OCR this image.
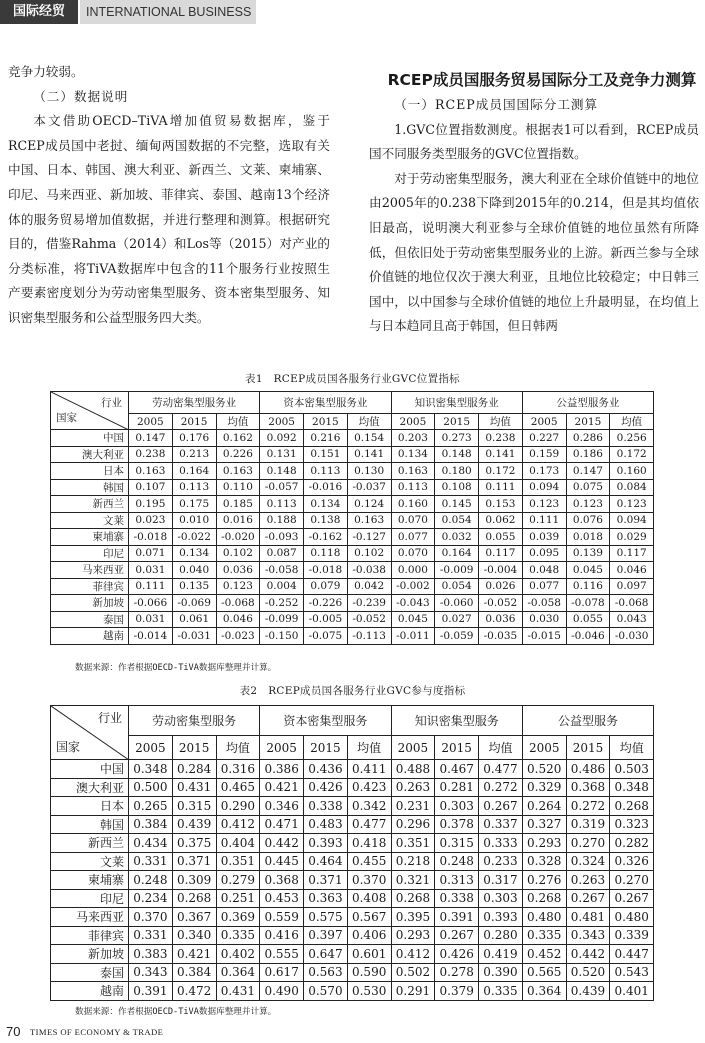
国际经贸	INTERNATIONAL BUSINESS

竞争力较弱。

（二）数据说明

本文借助OECD–TiVA增加值贸易数据库，鉴于RCEP成员国中老挝、缅甸两国数据的不完整，选取有关中国、日本、韩国、澳大利亚、新西兰、文莱、柬埔寨、印尼、马来西亚、新加坡、菲律宾、泰国、越南13个经济体的服务贸易增加值数据，并进行整理和测算。根据研究目的，借鉴Rahma（2014）和Los等（2015）对产业的分类标准，将TiVA数据库中包含的11个服务行业按照生产要素密度划分为劳动密集型服务、资本密集型服务、知识密集型服务和公益型服务四大类。

RCEP成员国服务贸易国际分工及竞争力测算

（一）RCEP成员国国际分工测算

1.GVC位置指数测度。根据表1可以看到，RCEP成员国不同服务类型服务的GVC位置指数。

对于劳动密集型服务，澳大利亚在全球价值链中的地位由2005年的0.238下降到2015年的0.214，但是其均值依旧最高，说明澳大利亚参与全球价值链的地位虽然有所降低，但依旧处于劳动密集型服务业的上游。新西兰参与全球价值链的地位仅次于澳大利亚，且地位比较稳定；中日韩三国中，以中国参与全球价值链的地位上升最明显，在均值上与日本趋同且高于韩国，但日韩两

表1　RCEP成员国各服务行业GVC位置指标
行业
国家	劳动密集型服务业			资本密集型服务业			知识密集型服务业			公益型服务业		
	2005	2015	均值	2005	2015	均值	2005	2015	均值	2005	2015	均值
中国	0.147	0.176	0.162	0.092	0.216	0.154	0.203	0.273	0.238	0.227	0.286	0.256
澳大利亚	0.238	0.213	0.226	0.131	0.151	0.141	0.134	0.148	0.141	0.159	0.186	0.172
日本	0.163	0.164	0.163	0.148	0.113	0.130	0.163	0.180	0.172	0.173	0.147	0.160
韩国	0.107	0.113	0.110	-0.057	-0.016	-0.037	0.113	0.108	0.111	0.094	0.075	0.084
新西兰	0.195	0.175	0.185	0.113	0.134	0.124	0.160	0.145	0.153	0.123	0.123	0.123
文莱	0.023	0.010	0.016	0.188	0.138	0.163	0.070	0.054	0.062	0.111	0.076	0.094
柬埔寨	-0.018	-0.022	-0.020	-0.093	-0.162	-0.127	0.077	0.032	0.055	0.039	0.018	0.029
印尼	0.071	0.134	0.102	0.087	0.118	0.102	0.070	0.164	0.117	0.095	0.139	0.117
马来西亚	0.031	0.040	0.036	-0.058	-0.018	-0.038	0.000	-0.009	-0.004	0.048	0.045	0.046
菲律宾	0.111	0.135	0.123	0.004	0.079	0.042	-0.002	0.054	0.026	0.077	0.116	0.097
新加坡	-0.066	-0.069	-0.068	-0.252	-0.226	-0.239	-0.043	-0.060	-0.052	-0.058	-0.078	-0.068
泰国	0.031	0.061	0.046	-0.099	-0.005	-0.052	0.045	0.027	0.036	0.030	0.055	0.043
越南	-0.014	-0.031	-0.023	-0.150	-0.075	-0.113	-0.011	-0.059	-0.035	-0.015	-0.046	-0.030
数据来源：作者根据OECD-TiVA数据库整理并计算。
表2　RCEP成员国各服务行业GVC参与度指标
行业
国家	劳动密集型服务			资本密集型服务			知识密集型服务			公益型服务		
	2005	2015	均值	2005	2015	均值	2005	2015	均值	2005	2015	均值
中国	0.348	0.284	0.316	0.386	0.436	0.411	0.488	0.467	0.477	0.520	0.486	0.503
澳大利亚	0.500	0.431	0.465	0.421	0.426	0.423	0.263	0.281	0.272	0.329	0.368	0.348
日本	0.265	0.315	0.290	0.346	0.338	0.342	0.231	0.303	0.267	0.264	0.272	0.268
韩国	0.384	0.439	0.412	0.471	0.483	0.477	0.296	0.378	0.337	0.327	0.319	0.323
新西兰	0.434	0.375	0.404	0.442	0.393	0.418	0.351	0.315	0.333	0.293	0.270	0.282
文莱	0.331	0.371	0.351	0.445	0.464	0.455	0.218	0.248	0.233	0.328	0.324	0.326
柬埔寨	0.248	0.309	0.279	0.368	0.371	0.370	0.321	0.313	0.317	0.276	0.263	0.270
印尼	0.234	0.268	0.251	0.453	0.363	0.408	0.268	0.338	0.303	0.268	0.267	0.267
马来西亚	0.370	0.367	0.369	0.559	0.575	0.567	0.395	0.391	0.393	0.480	0.481	0.480
菲律宾	0.331	0.340	0.335	0.416	0.397	0.406	0.293	0.267	0.280	0.335	0.343	0.339
新加坡	0.383	0.421	0.402	0.555	0.647	0.601	0.412	0.426	0.419	0.452	0.442	0.447
泰国	0.343	0.384	0.364	0.617	0.563	0.590	0.502	0.278	0.390	0.565	0.520	0.543
越南	0.391	0.472	0.431	0.490	0.570	0.530	0.291	0.379	0.335	0.364	0.439	0.401
数据来源：作者根据OECD-TiVA数据库整理并计算。
70 TIMES OF ECONOMY & TRADE
